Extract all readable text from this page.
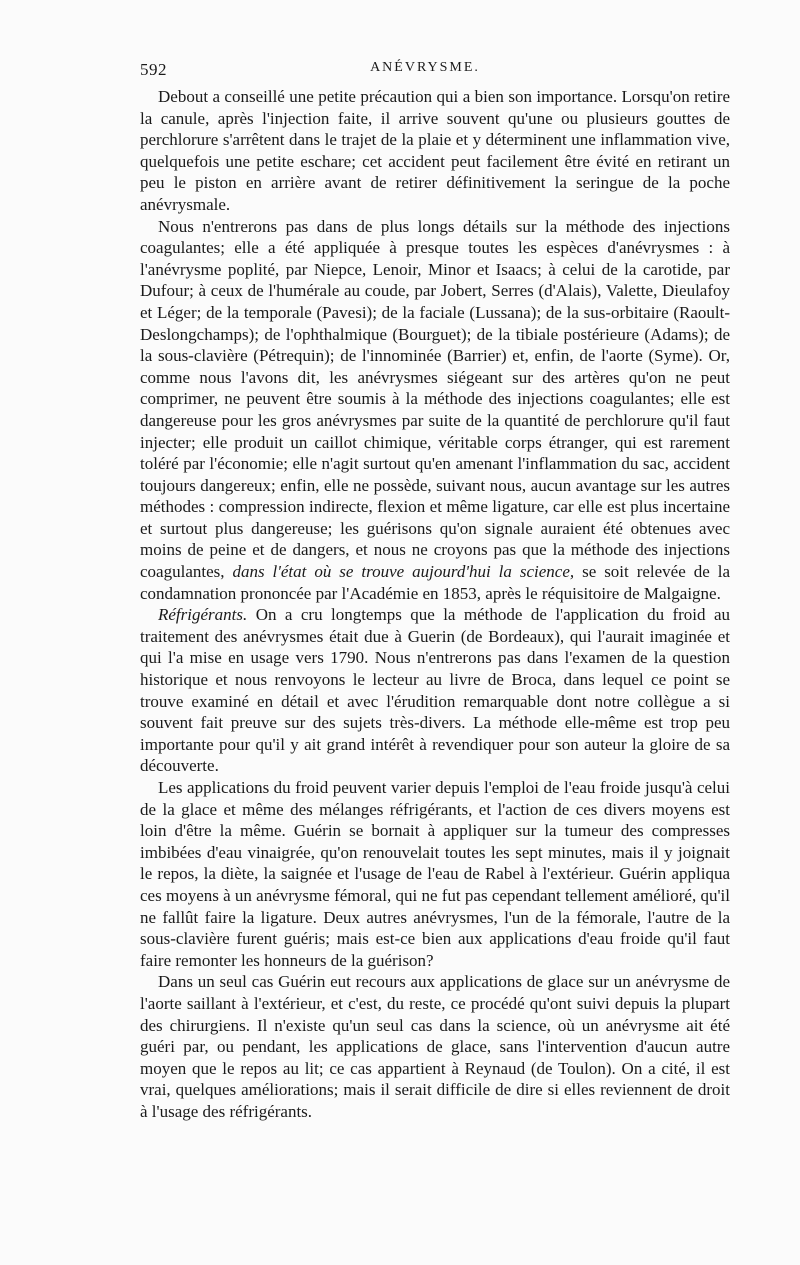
592	ANÉVRYSME.

Debout a conseillé une petite précaution qui a bien son importance. Lorsqu'on retire la canule, après l'injection faite, il arrive souvent qu'une ou plusieurs gouttes de perchlorure s'arrêtent dans le trajet de la plaie et y déterminent une inflammation vive, quelquefois une petite eschare; cet accident peut facilement être évité en retirant un peu le piston en arrière avant de retirer définitivement la seringue de la poche anévrysmale.

Nous n'entrerons pas dans de plus longs détails sur la méthode des injections coagulantes; elle a été appliquée à presque toutes les espèces d'anévrysmes : à l'anévrysme poplité, par Niepce, Lenoir, Minor et Isaacs; à celui de la carotide, par Dufour; à ceux de l'humérale au coude, par Jobert, Serres (d'Alais), Valette, Dieulafoy et Léger; de la temporale (Pavesi); de la faciale (Lussana); de la sus-orbitaire (Raoult-Deslongchamps); de l'ophthalmique (Bourguet); de la tibiale postérieure (Adams); de la sous-clavière (Pétrequin); de l'innominée (Barrier) et, enfin, de l'aorte (Syme). Or, comme nous l'avons dit, les anévrysmes siégeant sur des artères qu'on ne peut comprimer, ne peuvent être soumis à la méthode des injections coagulantes; elle est dangereuse pour les gros anévrysmes par suite de la quantité de perchlorure qu'il faut injecter; elle produit un caillot chimique, véritable corps étranger, qui est rarement toléré par l'économie; elle n'agit surtout qu'en amenant l'inflammation du sac, accident toujours dangereux; enfin, elle ne possède, suivant nous, aucun avantage sur les autres méthodes : compression indirecte, flexion et même ligature, car elle est plus incertaine et surtout plus dangereuse; les guérisons qu'on signale auraient été obtenues avec moins de peine et de dangers, et nous ne croyons pas que la méthode des injections coagulantes, dans l'état où se trouve aujourd'hui la science, se soit relevée de la condamnation prononcée par l'Académie en 1853, après le réquisitoire de Malgaigne.

Réfrigérants. On a cru longtemps que la méthode de l'application du froid au traitement des anévrysmes était due à Guerin (de Bordeaux), qui l'aurait imaginée et qui l'a mise en usage vers 1790. Nous n'entrerons pas dans l'examen de la question historique et nous renvoyons le lecteur au livre de Broca, dans lequel ce point se trouve examiné en détail et avec l'érudition remarquable dont notre collègue a si souvent fait preuve sur des sujets très-divers. La méthode elle-même est trop peu importante pour qu'il y ait grand intérêt à revendiquer pour son auteur la gloire de sa découverte.

Les applications du froid peuvent varier depuis l'emploi de l'eau froide jusqu'à celui de la glace et même des mélanges réfrigérants, et l'action de ces divers moyens est loin d'être la même. Guérin se bornait à appliquer sur la tumeur des compresses imbibées d'eau vinaigrée, qu'on renouvelait toutes les sept minutes, mais il y joignait le repos, la diète, la saignée et l'usage de l'eau de Rabel à l'extérieur. Guérin appliqua ces moyens à un anévrysme fémoral, qui ne fut pas cependant tellement amélioré, qu'il ne fallût faire la ligature. Deux autres anévrysmes, l'un de la fémorale, l'autre de la sous-clavière furent guéris; mais est-ce bien aux applications d'eau froide qu'il faut faire remonter les honneurs de la guérison?

Dans un seul cas Guérin eut recours aux applications de glace sur un anévrysme de l'aorte saillant à l'extérieur, et c'est, du reste, ce procédé qu'ont suivi depuis la plupart des chirurgiens. Il n'existe qu'un seul cas dans la science, où un anévrysme ait été guéri par, ou pendant, les applications de glace, sans l'intervention d'aucun autre moyen que le repos au lit; ce cas appartient à Reynaud (de Toulon). On a cité, il est vrai, quelques améliorations; mais il serait difficile de dire si elles reviennent de droit à l'usage des réfrigérants.
